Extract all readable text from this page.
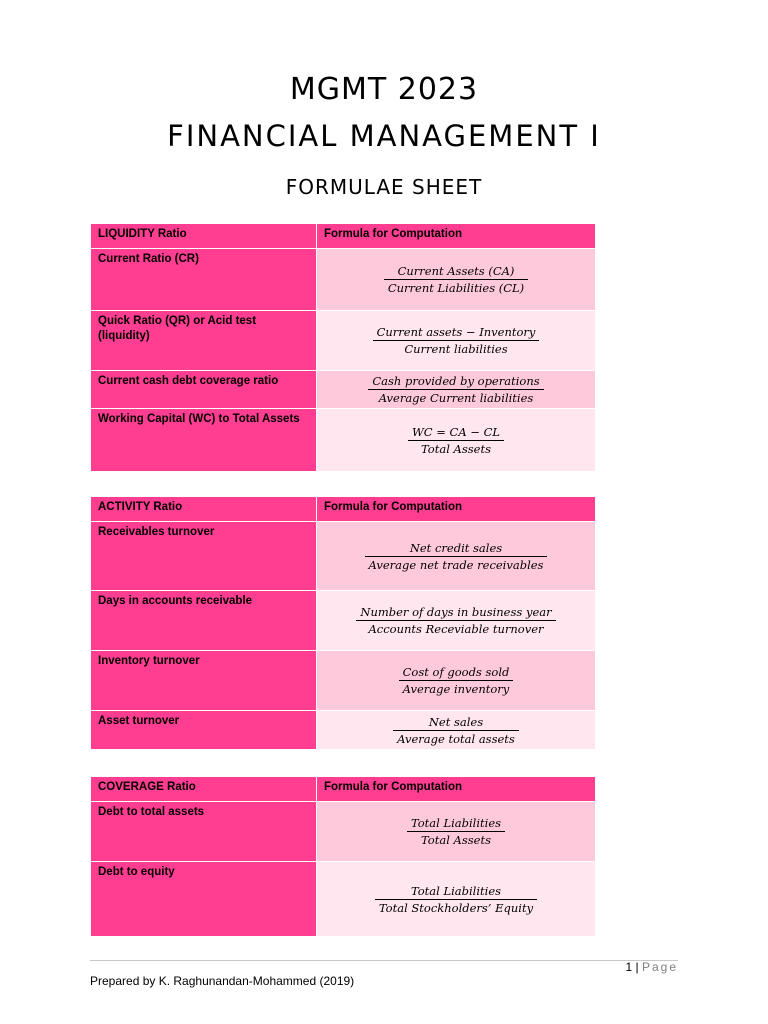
MGMT 2023
FINANCIAL MANAGEMENT I
FORMULAE SHEET
LIQUIDITY Ratio	Formula for Computation
Current Ratio (CR)	$\frac{\text{Current Assets (CA)}}{\text{Current Liabilities (CL)}}$

Quick Ratio (QR) or Acid test (liquidity)	$\frac{\text{Current assets − Inventory}}{\text{Current liabilities}}$

Current cash debt coverage ratio	$\frac{\text{Cash provided by operations}}{\text{Average Current liabilities}}$

Working Capital (WC) to Total Assets	$\frac{WC = CA - CL}{\text{Total Assets}}$
ACTIVITY Ratio	Formula for Computation
Receivables turnover	$\frac{\text{Net credit sales}}{\text{Average net trade receivables}}$

Days in accounts receivable	$\frac{\text{Number of days in business year}}{\text{Accounts Receviable turnover}}$

Inventory turnover	$\frac{\text{Cost of goods sold}}{\text{Average inventory}}$

Asset turnover	$\frac{\text{Net sales}}{\text{Average total assets}}$
COVERAGE Ratio	Formula for Computation
Debt to total assets	$\frac{\text{Total Liabilities}}{\text{Total Assets}}$

Debt to equity	$\frac{\text{Total Liabilities}}{\text{Total Stockholders’ Equity}}$
1 | Page
Prepared by K. Raghunandan-Mohammed (2019)
